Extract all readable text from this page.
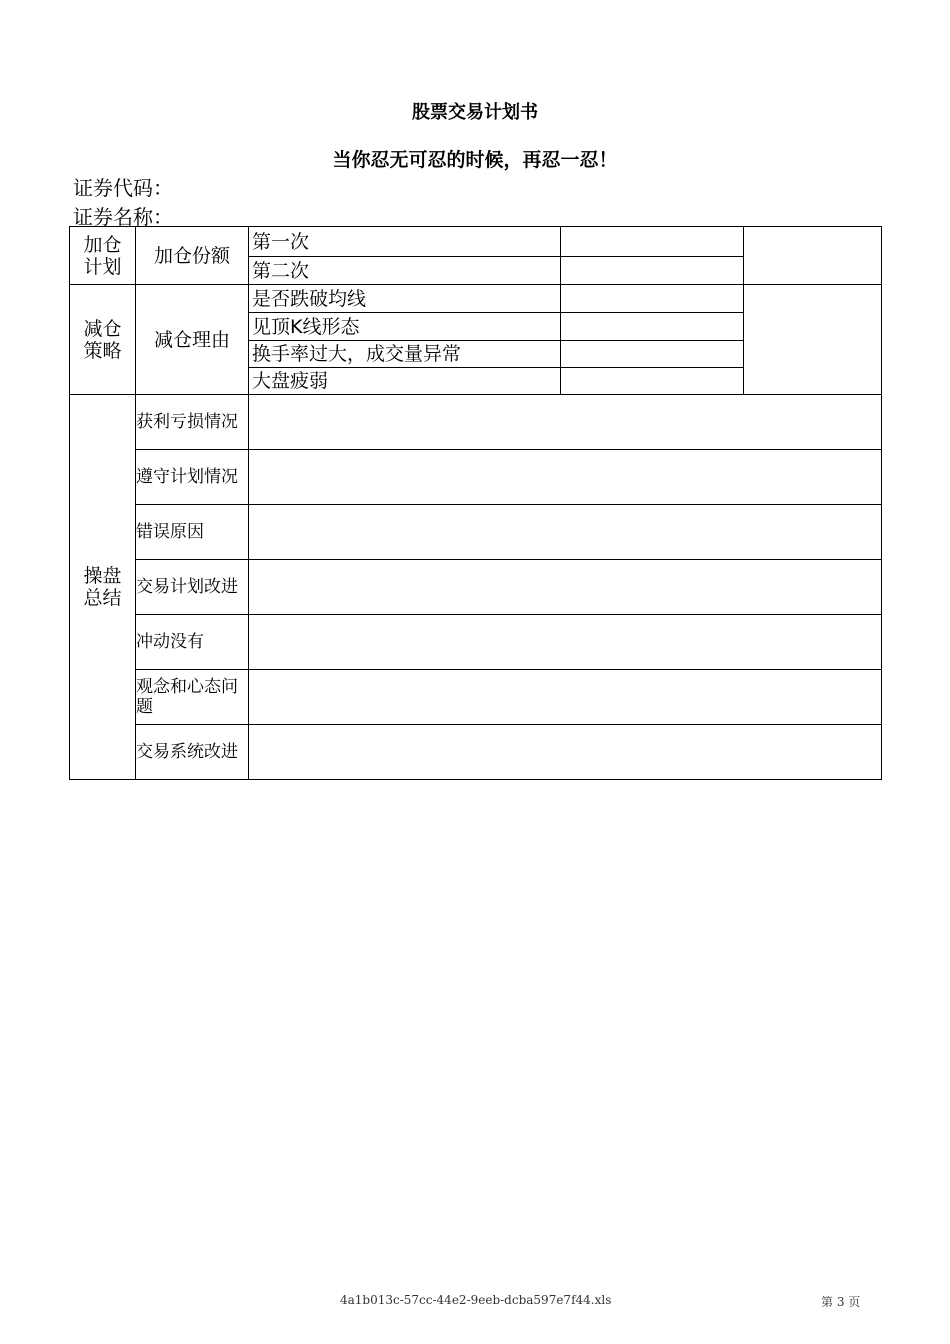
股票交易计划书
当你忍无可忍的时候，再忍一忍！
证券代码：
证券名称：
加仓
计划	加仓份额	第一次		
		第二次		

减仓
策略	减仓理由	是否跌破均线		
		见顶K线形态		
		换手率过大，成交量异常		
		大盘疲弱		

操盘
总结	获利亏损情况			
	遵守计划情况			
	错误原因			
	交易计划改进			
	冲动没有			
	观念和心态问题			
	交易系统改进			
4a1b013c-57cc-44e2-9eeb-dcba597e7f44.xls	第 3 页
